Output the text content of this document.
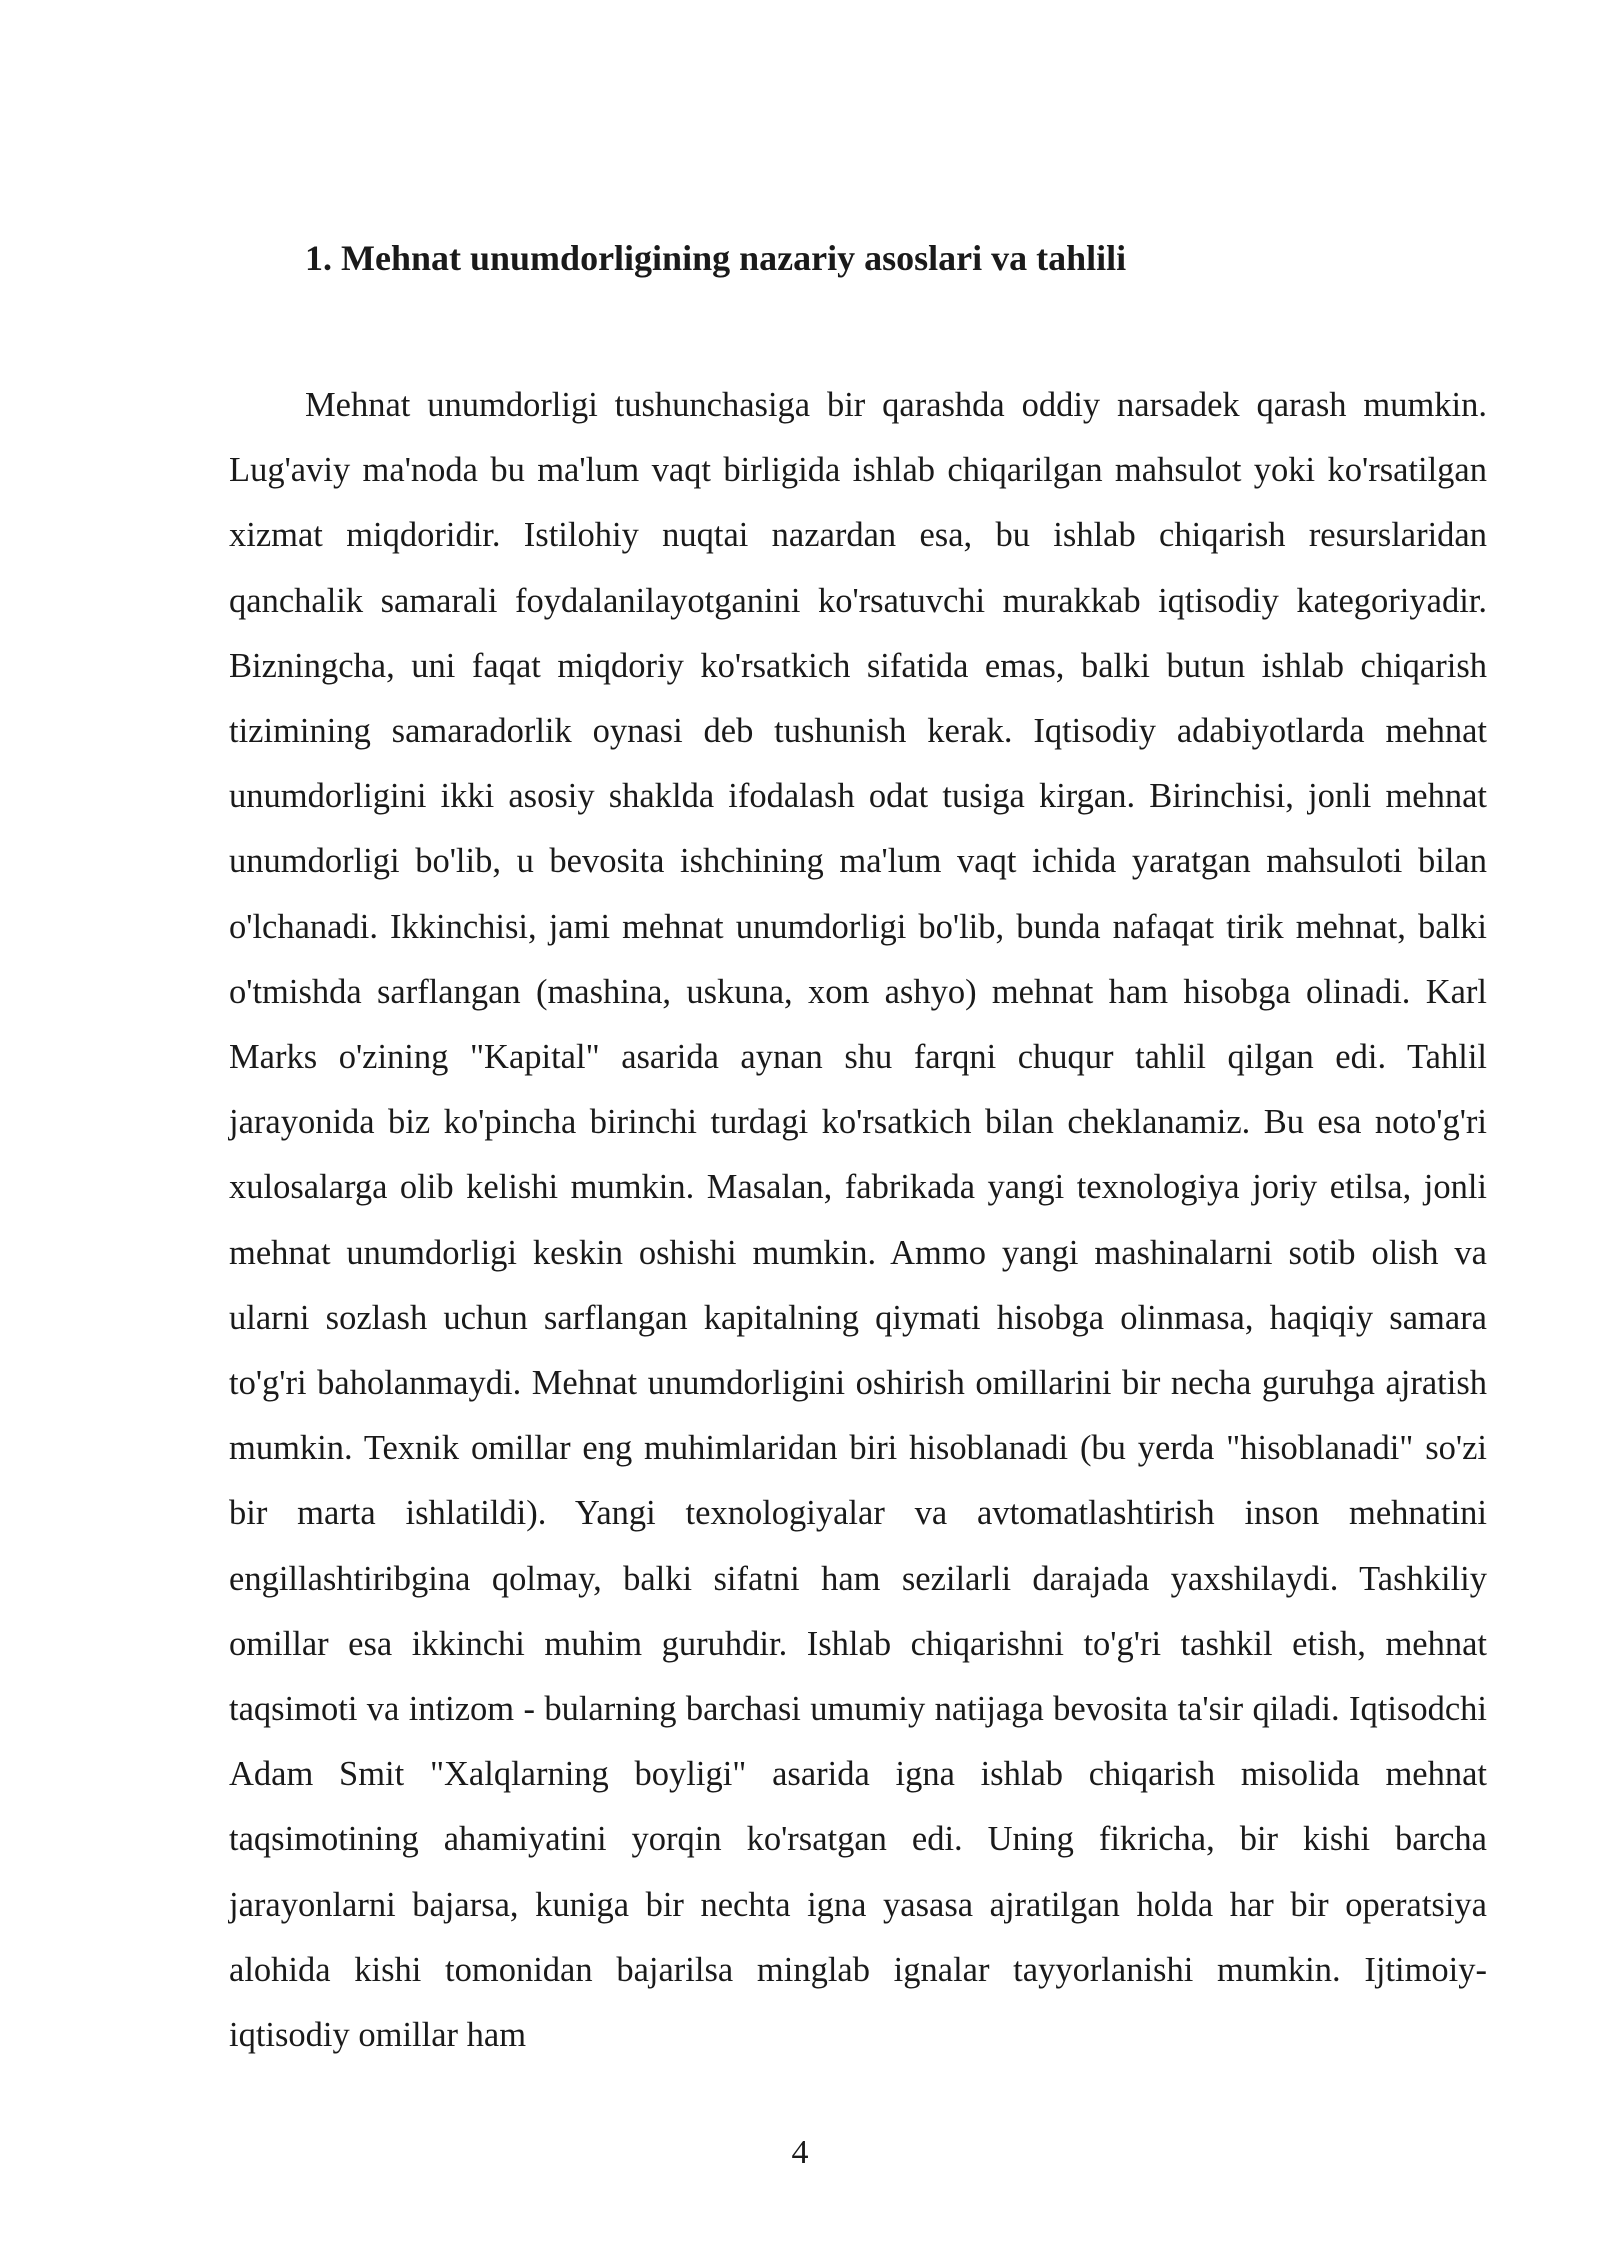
1. Mehnat unumdorligining nazariy asoslari va tahlili

Mehnat unumdorligi tushunchasiga bir qarashda oddiy narsadek qarash mumkin. Lug'aviy ma'noda bu ma'lum vaqt birligida ishlab chiqarilgan mahsulot yoki ko'rsatilgan xizmat miqdoridir. Istilohiy nuqtai nazardan esa, bu ishlab chiqarish resurslaridan qanchalik samarali foydalanilayotganini ko'rsatuvchi murakkab iqtisodiy kategoriyadir. Bizningcha, uni faqat miqdoriy ko'rsatkich sifatida emas, balki butun ishlab chiqarish tizimining samaradorlik oynasi deb tushunish kerak. Iqtisodiy adabiyotlarda mehnat unumdorligini ikki asosiy shaklda ifodalash odat tusiga kirgan. Birinchisi, jonli mehnat unumdorligi bo'lib, u bevosita ishchining ma'lum vaqt ichida yaratgan mahsuloti bilan o'lchanadi. Ikkinchisi, jami mehnat unumdorligi bo'lib, bunda nafaqat tirik mehnat, balki o'tmishda sarflangan (mashina, uskuna, xom ashyo) mehnat ham hisobga olinadi. Karl Marks o'zining "Kapital" asarida aynan shu farqni chuqur tahlil qilgan edi. Tahlil jarayonida biz ko'pincha birinchi turdagi ko'rsatkich bilan cheklanamiz. Bu esa noto'g'ri xulosalarga olib kelishi mumkin. Masalan, fabrikada yangi texnologiya joriy etilsa, jonli mehnat unumdorligi keskin oshishi mumkin. Ammo yangi mashinalarni sotib olish va ularni sozlash uchun sarflangan kapitalning qiymati hisobga olinmasa, haqiqiy samara to'g'ri baholanmaydi. Mehnat unumdorligini oshirish omillarini bir necha guruhga ajratish mumkin. Texnik omillar eng muhimlaridan biri hisoblanadi (bu yerda "hisoblanadi" so'zi bir marta ishlatildi). Yangi texnologiyalar va avtomatlashtirish inson mehnatini engillashtiribgina qolmay, balki sifatni ham sezilarli darajada yaxshilaydi. Tashkiliy omillar esa ikkinchi muhim guruhdir. Ishlab chiqarishni to'g'ri tashkil etish, mehnat taqsimoti va intizom - bularning barchasi umumiy natijaga bevosita ta'sir qiladi. Iqtisodchi Adam Smit "Xalqlarning boyligi" asarida igna ishlab chiqarish misolida mehnat taqsimotining ahamiyatini yorqin ko'rsatgan edi. Uning fikricha, bir kishi barcha jarayonlarni bajarsa, kuniga bir nechta igna yasasa ajratilgan holda har bir operatsiya alohida kishi tomonidan bajarilsa minglab ignalar tayyorlanishi mumkin. Ijtimoiy-iqtisodiy omillar ham

4
